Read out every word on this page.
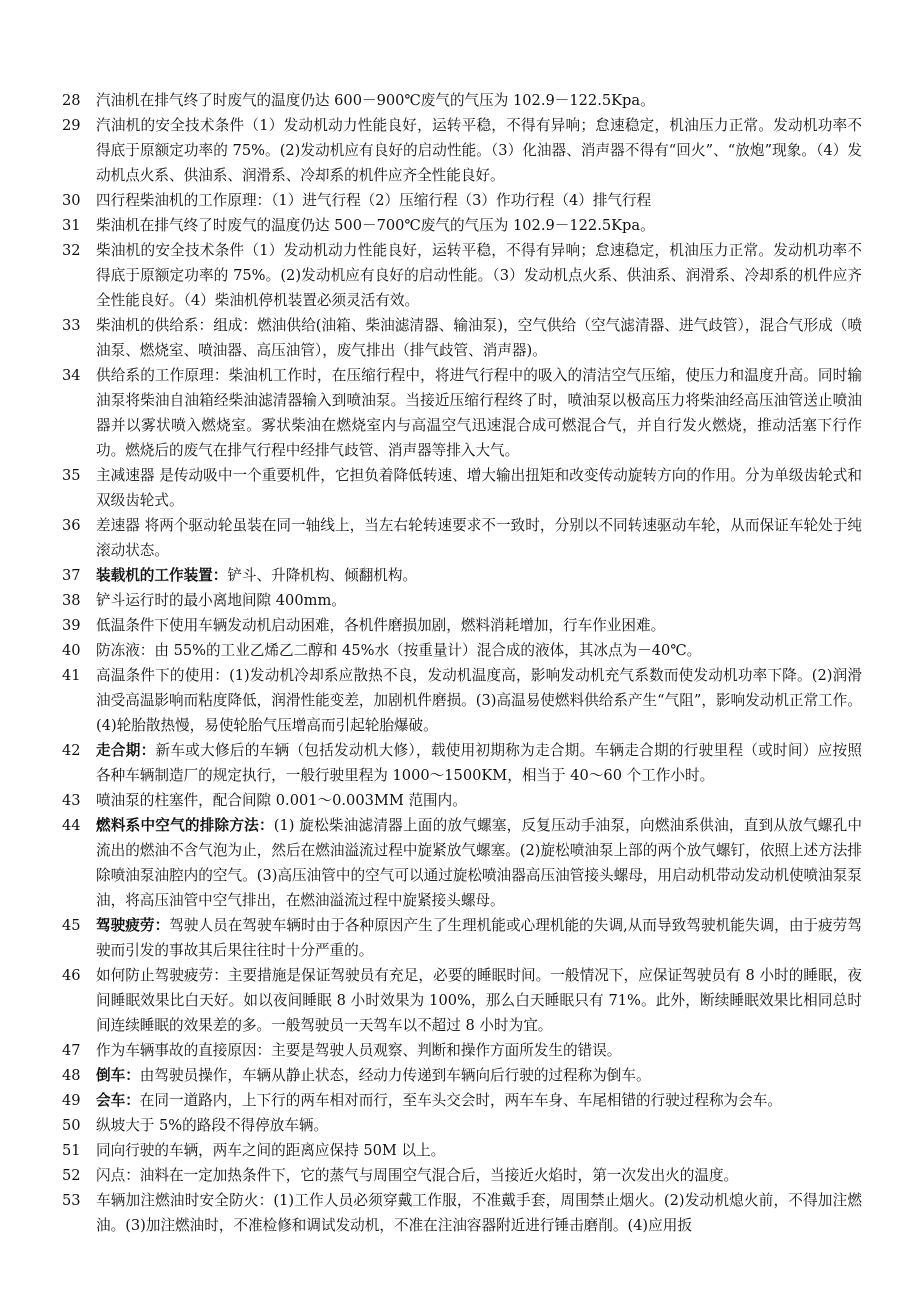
28	汽油机在排气终了时废气的温度仍达 600－900℃废气的气压为 102.9－122.5Kpa。
29	汽油机的安全技术条件（1）发动机动力性能良好，运转平稳，不得有异响；怠速稳定，机油压力正常。发动机功率不得底于原额定功率的 75%。(2)发动机应有良好的启动性能。（3）化油器、消声器不得有“回火”、“放炮”现象。（4）发动机点火系、供油系、润滑系、冷却系的机件应齐全性能良好。
30	四行程柴油机的工作原理：（1）进气行程（2）压缩行程（3）作功行程（4）排气行程
31	柴油机在排气终了时废气的温度仍达 500－700℃废气的气压为 102.9－122.5Kpa。
32	柴油机的安全技术条件（1）发动机动力性能良好，运转平稳，不得有异响；怠速稳定，机油压力正常。发动机功率不得底于原额定功率的 75%。(2)发动机应有良好的启动性能。（3）发动机点火系、供油系、润滑系、冷却系的机件应齐全性能良好。（4）柴油机停机装置必须灵活有效。
33	柴油机的供给系：组成：燃油供给(油箱、柴油滤清器、输油泵)，空气供给（空气滤清器、进气歧管），混合气形成（喷油泵、燃烧室、喷油器、高压油管），废气排出（排气歧管、消声器)。
34	供给系的工作原理：柴油机工作时，在压缩行程中，将进气行程中的吸入的清洁空气压缩，使压力和温度升高。同时输油泵将柴油自油箱经柴油滤清器输入到喷油泵。当接近压缩行程终了时，喷油泵以极高压力将柴油经高压油管送止喷油器并以雾状喷入燃烧室。雾状柴油在燃烧室内与高温空气迅速混合成可燃混合气，并自行发火燃烧，推动活塞下行作功。燃烧后的废气在排气行程中经排气歧管、消声器等排入大气。
35	主减速器 是传动吸中一个重要机件，它担负着降低转速、增大输出扭矩和改变传动旋转方向的作用。分为单级齿轮式和双级齿轮式。
36	差速器 将两个驱动轮虽装在同一轴线上，当左右轮转速要求不一致时，分别以不同转速驱动车轮，从而保证车轮处于纯滚动状态。
37	装载机的工作装置：铲斗、升降机构、倾翻机构。
38	铲斗运行时的最小离地间隙 400mm。
39	低温条件下使用车辆发动机启动困难，各机件磨损加剧，燃料消耗增加，行车作业困难。
40	防冻液：由 55%的工业乙烯乙二醇和 45%水（按重量计）混合成的液体，其冰点为－40℃。
41	高温条件下的使用：(1)发动机冷却系应散热不良，发动机温度高，影响发动机充气系数而使发动机功率下降。(2)润滑油受高温影响而粘度降低，润滑性能变差，加剧机件磨损。(3)高温易使燃料供给系产生“气阻”，影响发动机正常工作。(4)轮胎散热慢，易使轮胎气压增高而引起轮胎爆破。
42	走合期：新车或大修后的车辆（包括发动机大修），载使用初期称为走合期。车辆走合期的行驶里程（或时间）应按照各种车辆制造厂的规定执行，一般行驶里程为 1000～1500KM，相当于 40～60 个工作小时。
43	喷油泵的柱塞件，配合间隙 0.001～0.003MM 范围内。
44	燃料系中空气的排除方法：(1) 旋松柴油滤清器上面的放气螺塞，反复压动手油泵，向燃油系供油，直到从放气螺孔中流出的燃油不含气泡为止，然后在燃油溢流过程中旋紧放气螺塞。(2)旋松喷油泵上部的两个放气螺钉，依照上述方法排除喷油泵油腔内的空气。(3)高压油管中的空气可以通过旋松喷油器高压油管接头螺母，用启动机带动发动机使喷油泵泵油，将高压油管中空气排出，在燃油溢流过程中旋紧接头螺母。
45	驾驶疲劳：驾驶人员在驾驶车辆时由于各种原因产生了生理机能或心理机能的失调,从而导致驾驶机能失调，由于疲劳驾驶而引发的事故其后果往往时十分严重的。
46	如何防止驾驶疲劳：主要措施是保证驾驶员有充足，必要的睡眠时间。一般情况下，应保证驾驶员有 8 小时的睡眠，夜间睡眠效果比白天好。如以夜间睡眠 8 小时效果为 100%，那么白天睡眠只有 71%。此外，断续睡眠效果比相同总时间连续睡眠的效果差的多。一般驾驶员一天驾车以不超过 8 小时为宜。
47	作为车辆事故的直接原因：主要是驾驶人员观察、判断和操作方面所发生的错误。
48	倒车：由驾驶员操作，车辆从静止状态，经动力传递到车辆向后行驶的过程称为倒车。
49	会车：在同一道路内，上下行的两车相对而行，至车头交会时，两车车身、车尾相错的行驶过程称为会车。
50	纵坡大于 5%的路段不得停放车辆。
51	同向行驶的车辆，两车之间的距离应保持 50M 以上。
52	闪点：油料在一定加热条件下，它的蒸气与周围空气混合后，当接近火焰时，第一次发出火的温度。
53	车辆加注燃油时安全防火：(1)工作人员必须穿戴工作服，不准戴手套，周围禁止烟火。(2)发动机熄火前，不得加注燃油。(3)加注燃油时，不准检修和调试发动机，不准在注油容器附近进行锤击磨削。(4)应用扳
